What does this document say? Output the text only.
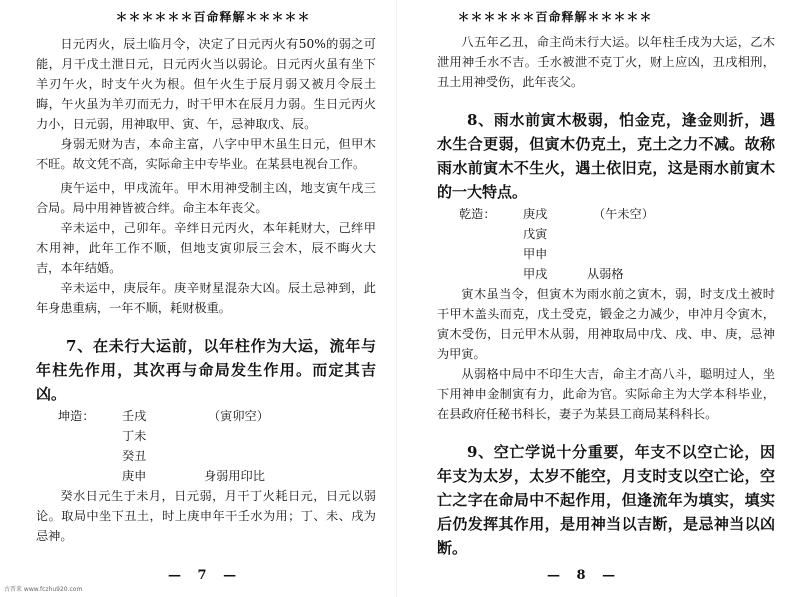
＊＊＊＊＊＊百命释解＊＊＊＊＊

日元丙火，辰土临月令，决定了日元丙火有50%的弱之可能，月干戊土泄日元，日元丙火当以弱论。日元丙火虽有坐下羊刃午火，时支午火为根。但午火生于辰月弱又被月令辰土晦，午火虽为羊刃而无力，时干甲木在辰月力弱。生日元丙火力小，日元弱，用神取甲、寅、午，忌神取戊、辰。

身弱无财为吉，本命主富，八字中甲木虽生日元，但甲木不旺。故文凭不高，实际命主中专毕业。在某县电视台工作。

庚午运中，甲戌流年。甲木用神受制主凶，地支寅午戌三合局。局中用神皆被合绊。命主本年丧父。

辛未运中，己卯年。辛绊日元丙火，本年耗财大，己绊甲木用神，此年工作不顺，但地支寅卯辰三会木，辰不晦火大吉，本年结婚。

辛未运中，庚辰年。庚辛财星混杂大凶。辰土忌神到，此年身患重病，一年不顺，耗财极重。

7、在未行大运前，以年柱作为大运，流年与年柱先作用，其次再与命局发生作用。而定其吉凶。

坤造： 壬戌
丁未
癸丑
庚申
（寅卯空）
身弱用印比

癸水日元生于未月，日元弱，月干丁火耗日元，日元以弱论。取局中坐下丑土，时上庚申年干壬水为用；丁、未、戌为忌神。

— 7 —
古晋来 www.fczhu920.com
＊＊＊＊＊＊百命释解＊＊＊＊＊

八五年乙丑，命主尚未行大运。以年柱壬戌为大运，乙木泄用神壬水不吉。壬水被泄不克丁火，财上应凶，丑戌相刑，丑土用神受伤，此年丧父。

8、雨水前寅木极弱，怕金克，逢金则折，遇水生合更弱，但寅木仍克土，克土之力不减。故称雨水前寅木不生火，遇土依旧克，这是雨水前寅木的一大特点。

乾造： 庚戌
戊寅
甲申
甲戌
（午未空）
从弱格

寅木虽当令，但寅木为雨水前之寅木，弱，时支戊土被时干甲木盖头而克，戊土受克，锻金之力减少，申冲月令寅木，寅木受伤，日元甲木从弱，用神取局中戊、戌、申、庚，忌神为甲寅。

从弱格中局中不印生大吉，命主才高八斗，聪明过人，坐下用神申金制寅有力，此命为官。实际命主为大学本科毕业，在县政府任秘书科长，妻子为某县工商局某科科长。

9、空亡学说十分重要，年支不以空亡论，因年支为太岁，太岁不能空，月支时支以空亡论，空亡之字在命局中不起作用，但逢流年为填实，填实后仍发挥其作用，是用神当以吉断，是忌神当以凶断。

— 8 —
